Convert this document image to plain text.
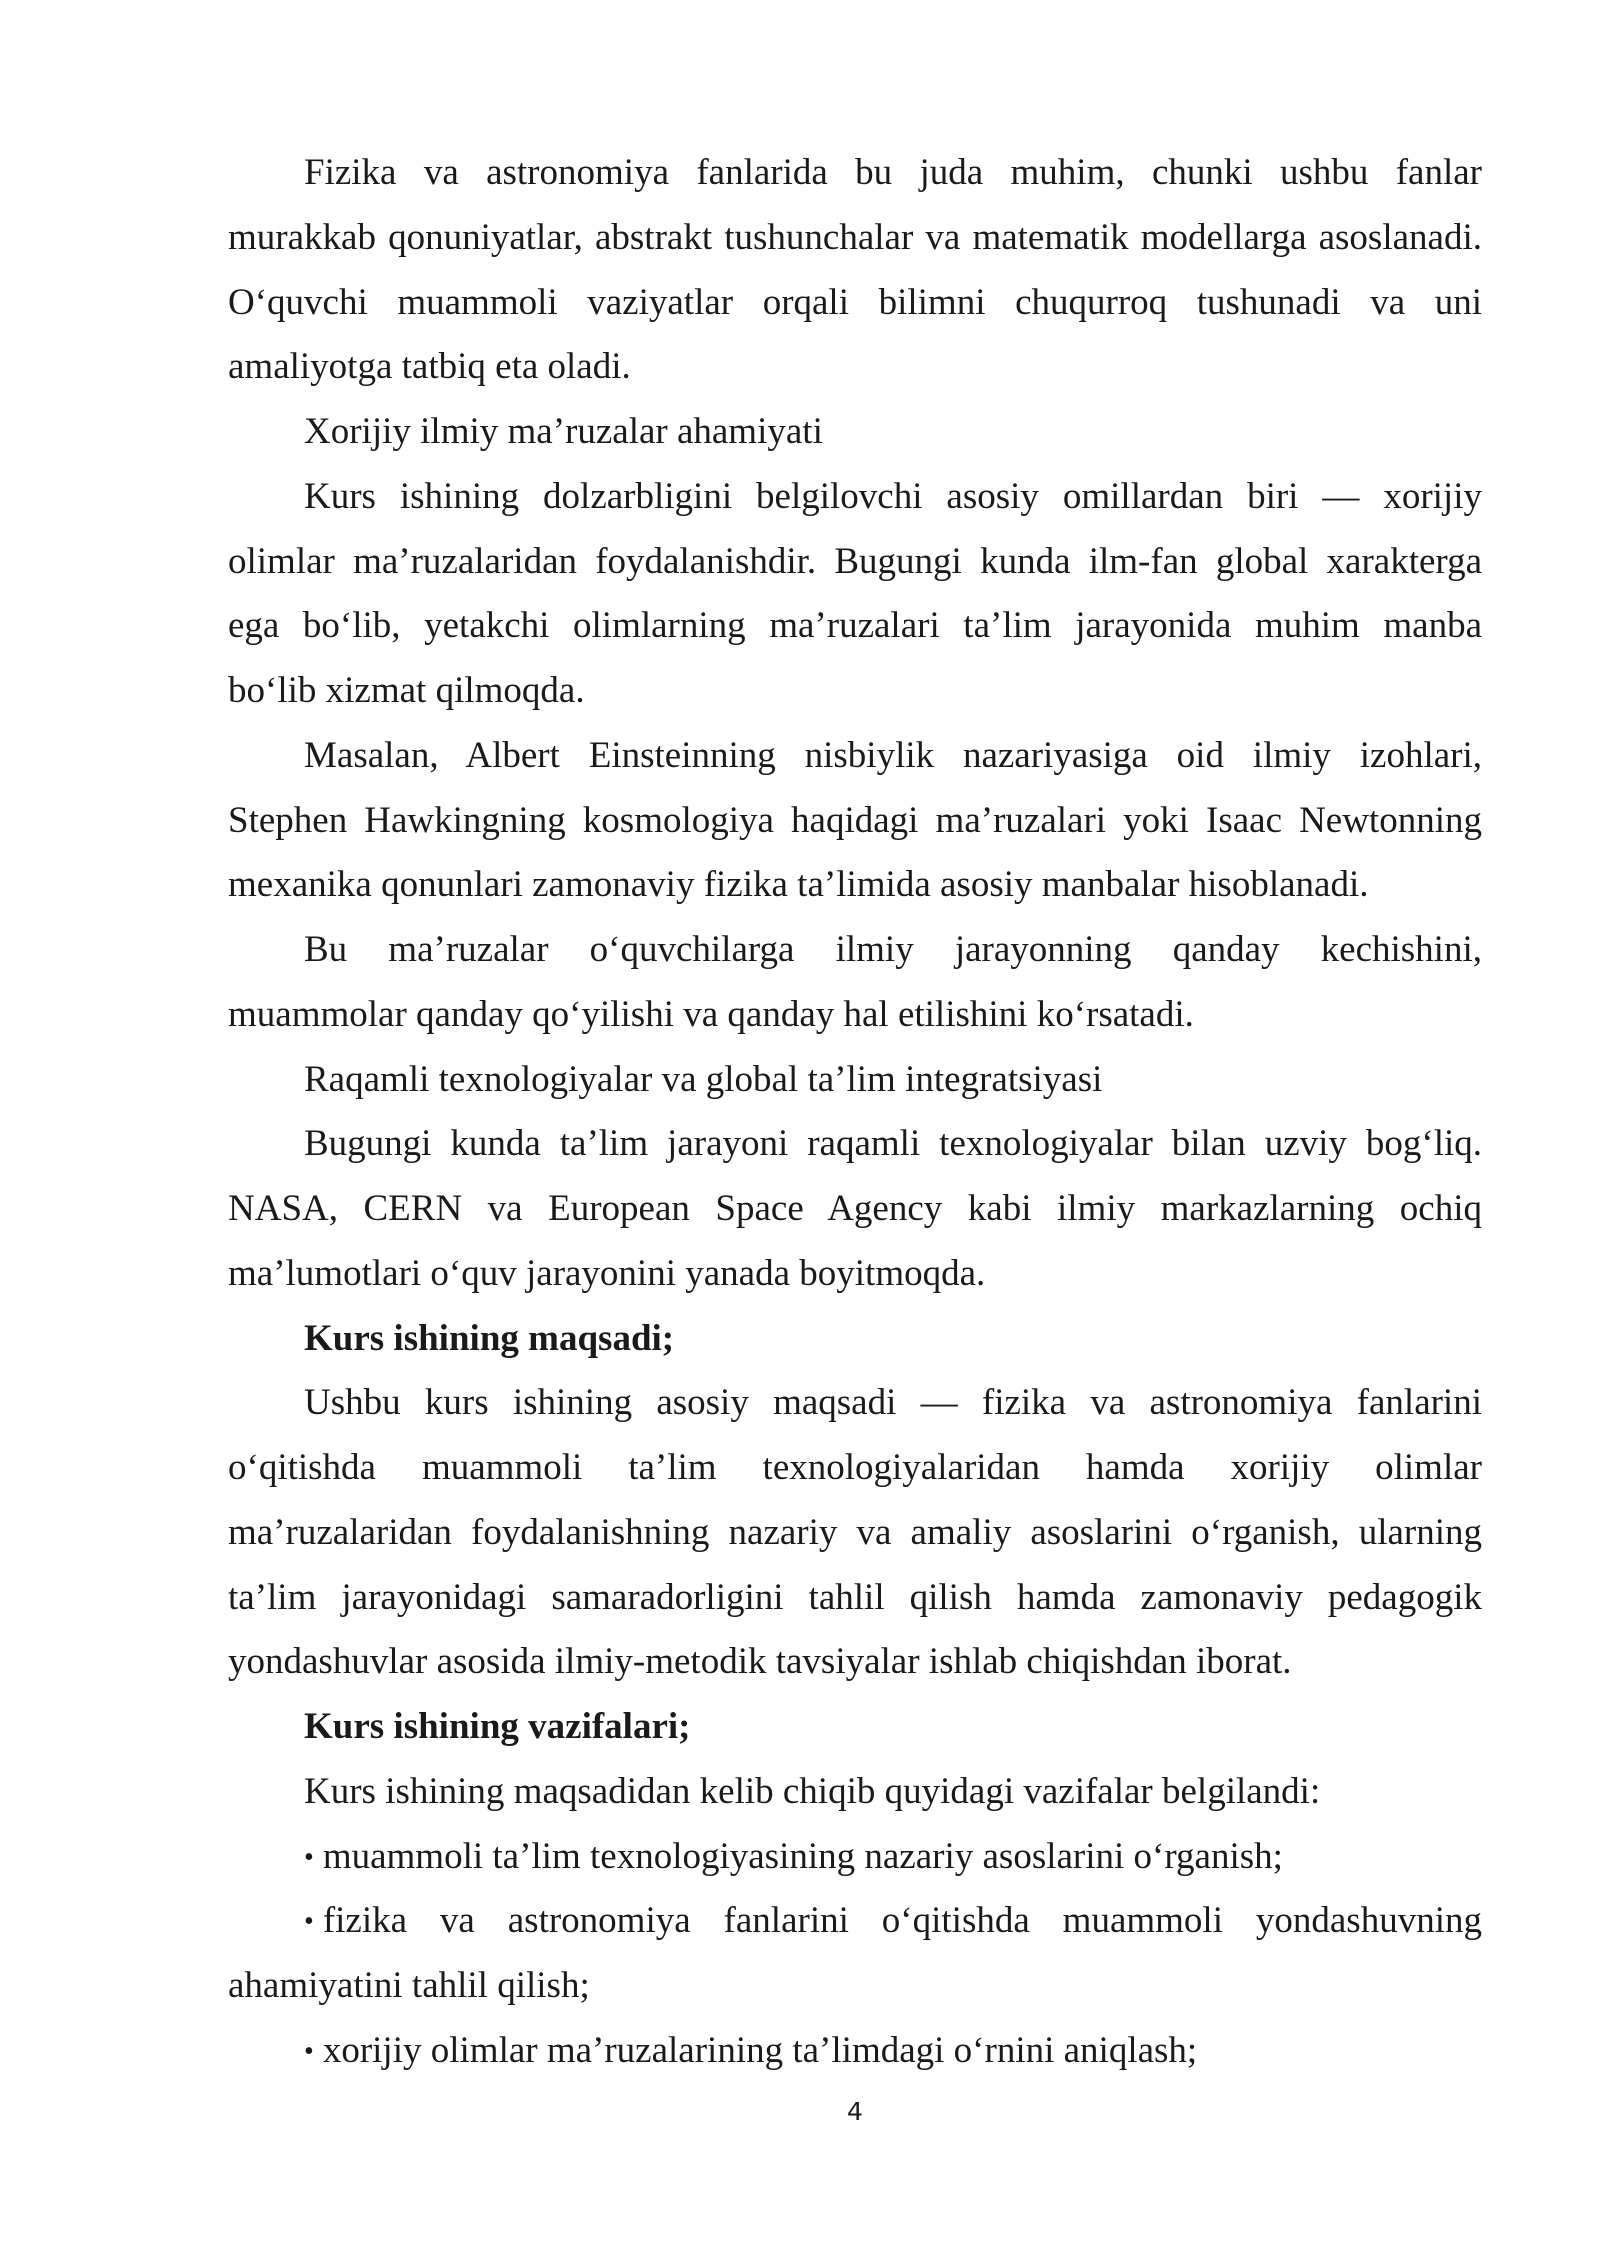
Fizika va astronomiya fanlarida bu juda muhim, chunki ushbu fanlar
murakkab qonuniyatlar, abstrakt tushunchalar va matematik modellarga asoslanadi.
O‘quvchi muammoli vaziyatlar orqali bilimni chuqurroq tushunadi va uni
amaliyotga tatbiq eta oladi.
Xorijiy ilmiy ma’ruzalar ahamiyati
Kurs ishining dolzarbligini belgilovchi asosiy omillardan biri — xorijiy
olimlar ma’ruzalaridan foydalanishdir. Bugungi kunda ilm-fan global xarakterga
ega bo‘lib, yetakchi olimlarning ma’ruzalari ta’lim jarayonida muhim manba
bo‘lib xizmat qilmoqda.
Masalan, Albert Einsteinning nisbiylik nazariyasiga oid ilmiy izohlari,
Stephen Hawkingning kosmologiya haqidagi ma’ruzalari yoki Isaac Newtonning
mexanika qonunlari zamonaviy fizika ta’limida asosiy manbalar hisoblanadi.
Bu ma’ruzalar o‘quvchilarga ilmiy jarayonning qanday kechishini,
muammolar qanday qo‘yilishi va qanday hal etilishini ko‘rsatadi.
Raqamli texnologiyalar va global ta’lim integratsiyasi
Bugungi kunda ta’lim jarayoni raqamli texnologiyalar bilan uzviy bog‘liq.
NASA, CERN va European Space Agency kabi ilmiy markazlarning ochiq
ma’lumotlari o‘quv jarayonini yanada boyitmoqda.
Kurs ishining maqsadi;
Ushbu kurs ishining asosiy maqsadi — fizika va astronomiya fanlarini
o‘qitishda muammoli ta’lim texnologiyalaridan hamda xorijiy olimlar
ma’ruzalaridan foydalanishning nazariy va amaliy asoslarini o‘rganish, ularning
ta’lim jarayonidagi samaradorligini tahlil qilish hamda zamonaviy pedagogik
yondashuvlar asosida ilmiy-metodik tavsiyalar ishlab chiqishdan iborat.
Kurs ishining vazifalari;
Kurs ishining maqsadidan kelib chiqib quyidagi vazifalar belgilandi:
• muammoli ta’lim texnologiyasining nazariy asoslarini o‘rganish;
• fizika va astronomiya fanlarini o‘qitishda muammoli yondashuvning
ahamiyatini tahlil qilish;
• xorijiy olimlar ma’ruzalarining ta’limdagi o‘rnini aniqlash;
4
